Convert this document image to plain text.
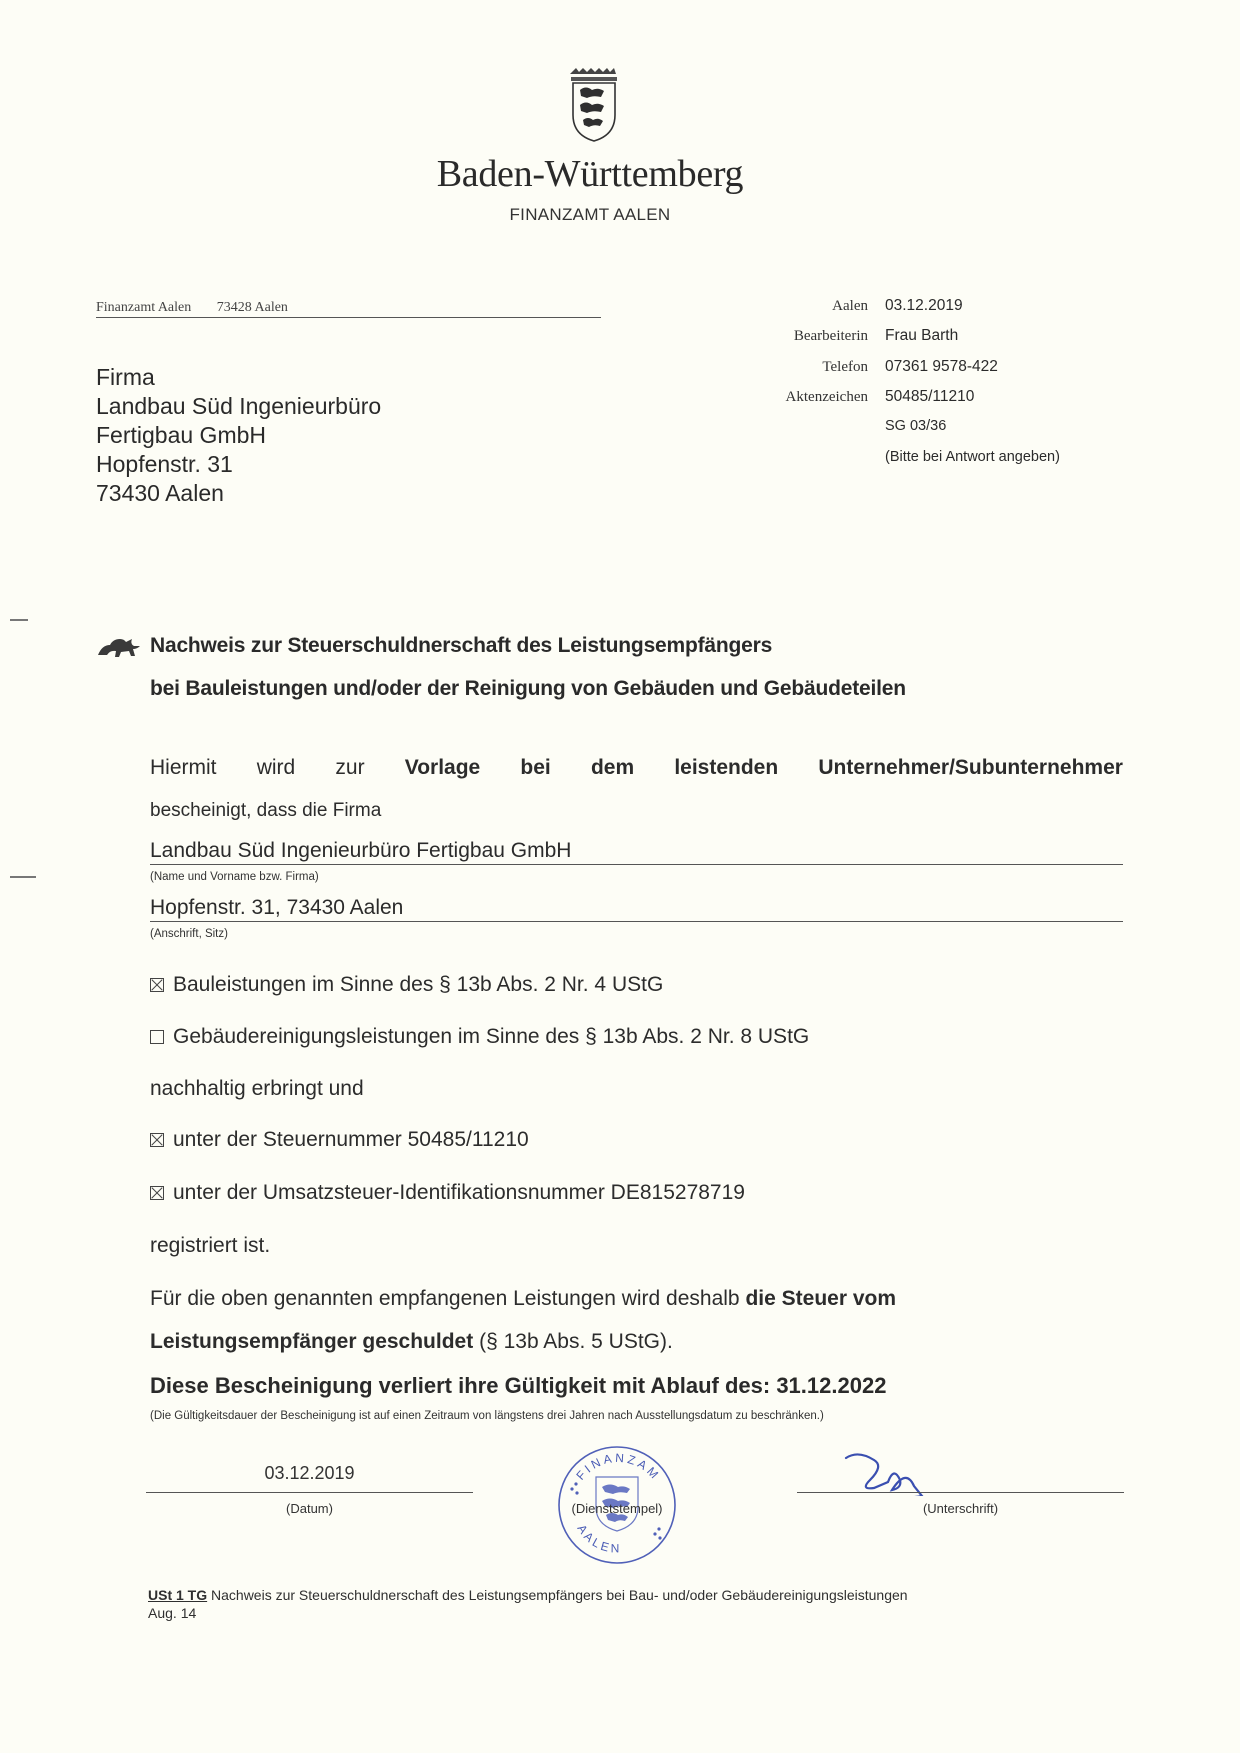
Baden-Württemberg
FINANZAMT AALEN
Finanzamt Aalen 73428 Aalen
Firma
Landbau Süd Ingenieurbüro
Fertigbau GmbH
Hopfenstr. 31
73430 Aalen
Aalen 03.12.2019
Bearbeiterin Frau Barth
Telefon 07361 9578-422
Aktenzeichen 50485/11210
SG 03/36
(Bitte bei Antwort angeben)
Nachweis zur Steuerschuldnerschaft des Leistungsempfängers
bei Bauleistungen und/oder der Reinigung von Gebäuden und Gebäudeteilen
Hiermit wird zur Vorlage bei dem leistenden Unternehmer/Subunternehmer
bescheinigt, dass die Firma
Landbau Süd Ingenieurbüro Fertigbau GmbH
(Name und Vorname bzw. Firma)
Hopfenstr. 31, 73430 Aalen
(Anschrift, Sitz)
Bauleistungen im Sinne des § 13b Abs. 2 Nr. 4 UStG
Gebäudereinigungsleistungen im Sinne des § 13b Abs. 2 Nr. 8 UStG
nachhaltig erbringt und
unter der Steuernummer 50485/11210
unter der Umsatzsteuer-Identifikationsnummer DE815278719
registriert ist.
Für die oben genannten empfangenen Leistungen wird deshalb die Steuer vom
Leistungsempfänger geschuldet (§ 13b Abs. 5 UStG).
Diese Bescheinigung verliert ihre Gültigkeit mit Ablauf des: 31.12.2022
(Die Gültigkeitsdauer der Bescheinigung ist auf einen Zeitraum von längstens drei Jahren nach Ausstellungsdatum zu beschränken.)
03.12.2019
(Datum)
FINANZAM
AALEN
(Dienststempel)	(Unterschrift)
USt 1 TG Nachweis zur Steuerschuldnerschaft des Leistungsempfängers bei Bau- und/oder Gebäudereinigungsleistungen
Aug. 14
